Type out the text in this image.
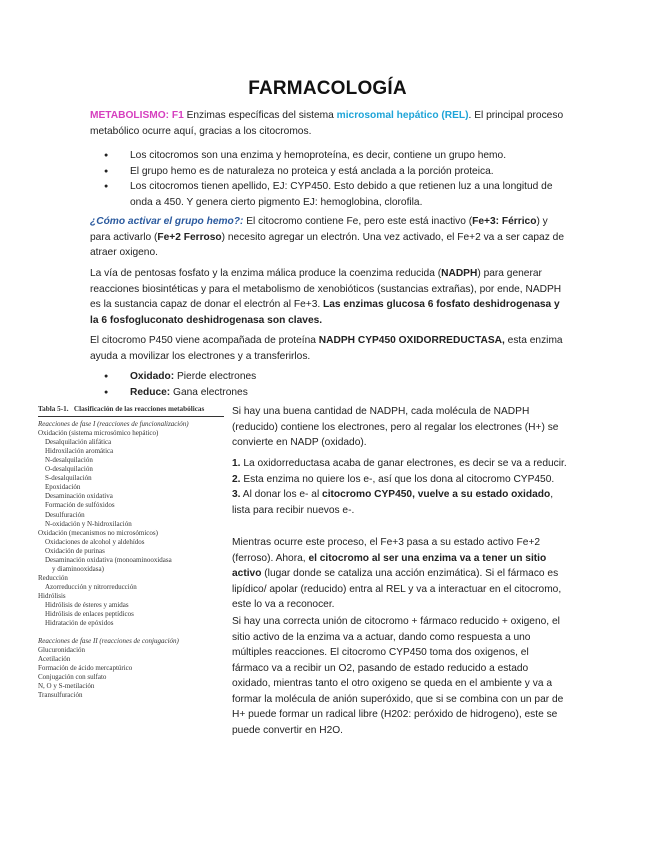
FARMACOLOGÍA

METABOLISMO: F1 Enzimas específicas del sistema microsomal hepático (REL). El principal proceso metabólico ocurre aquí, gracias a los citocromos.

● Los citocromos son una enzima y hemoproteína, es decir, contiene un grupo hemo.
● El grupo hemo es de naturaleza no proteica y está anclada a la porción proteica.
● Los citocromos tienen apellido, EJ: CYP450. Esto debido a que retienen luz a una longitud de onda a 450. Y genera cierto pigmento EJ: hemoglobina, clorofila.

¿Cómo activar el grupo hemo?: El citocromo contiene Fe, pero este está inactivo (Fe+3: Férrico) y para activarlo (Fe+2 Ferroso) necesito agregar un electrón. Una vez activado, el Fe+2 va a ser capaz de atraer oxigeno.

La vía de pentosas fosfato y la enzima málica produce la coenzima reducida (NADPH) para generar reacciones biosintéticas y para el metabolismo de xenobióticos (sustancias extrañas), por ende, NADPH es la sustancia capaz de donar el electrón al Fe+3. Las enzimas glucosa 6 fosfato deshidrogenasa y la 6 fosfogluconato deshidrogenasa son claves.

El citocromo P450 viene acompañada de proteína NADPH CYP450 OXIDORREDUCTASA, esta enzima ayuda a movilizar los electrones y a transferirlos.

● Oxidado: Pierde electrones
● Reduce: Gana electrones
Tabla 5-1. Clasificación de las reacciones metabólicas
Reacciones de fase I (reacciones de funcionalización)
Oxidación (sistema microsómico hepático)
Desalquilación alifática
Hidroxilación aromática
N-desalquilación
O-desalquilación
S-desalquilación
Epoxidación
Desaminación oxidativa
Formación de sulfóxidos
Desulfuración
N-oxidación y N-hidroxilación
Oxidación (mecanismos no microsómicos)
Oxidaciones de alcohol y aldehídos
Oxidación de purinas
Desaminación oxidativa (monoaminooxidasa
y diaminooxidasa)
Reducción
Azorreducción y nitrorreducción
Hidrólisis
Hidrólisis de ésteres y amidas
Hidrólisis de enlaces peptídicos
Hidratación de epóxidos

Reacciones de fase II (reacciones de conjugación)
Glucuronidación
Acetilación
Formación de ácido mercaptúrico
Conjugación con sulfato
N, O y S-metilación
Transulfuración

Si hay una buena cantidad de NADPH, cada molécula de NADPH (reducido) contiene los electrones, pero al regalar los electrones (H+) se convierte en NADP (oxidado).

1. La oxidorreductasa acaba de ganar electrones, es decir se va a reducir.
2. Esta enzima no quiere los e-, así que los dona al citocromo CYP450.
3. Al donar los e- al citocromo CYP450, vuelve a su estado oxidado, lista para recibir nuevos e-.

Mientras ocurre este proceso, el Fe+3 pasa a su estado activo Fe+2 (ferroso). Ahora, el citocromo al ser una enzima va a tener un sitio activo (lugar donde se cataliza una acción enzimática). Si el fármaco es lipídico/ apolar (reducido) entra al REL y va a interactuar en el citocromo, este lo va a reconocer.

Si hay una correcta unión de citocromo + fármaco reducido + oxigeno, el sitio activo de la enzima va a actuar, dando como respuesta a uno múltiples reacciones. El citocromo CYP450 toma dos oxigenos, el fármaco va a recibir un O2, pasando de estado reducido a estado oxidado, mientras tanto el otro oxigeno se queda en el ambiente y va a formar la molécula de anión superóxido, que si se combina con un par de H+ puede formar un radical libre (H202: peróxido de hidrogeno), este se puede convertir en H2O.
